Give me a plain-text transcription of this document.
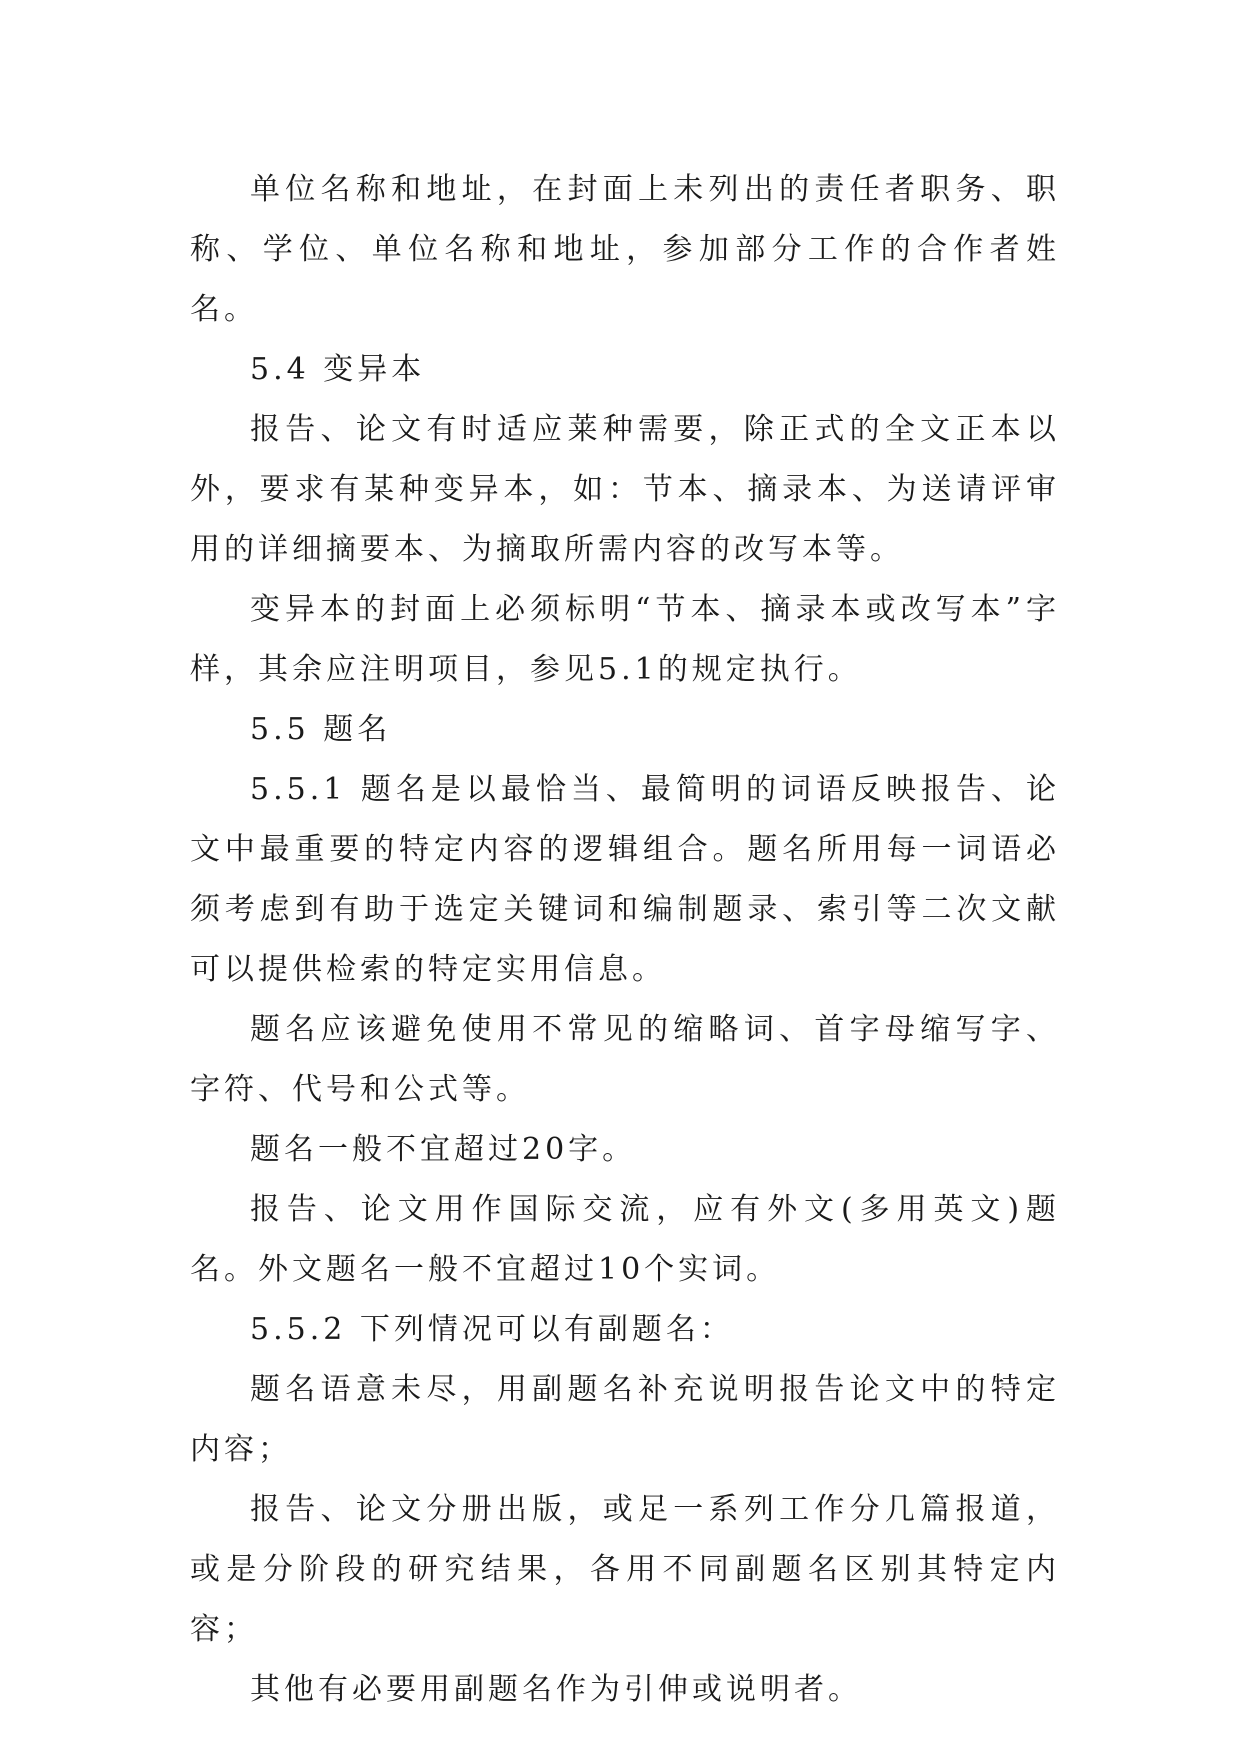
单位名称和地址，在封面上未列出的责任者职务、职称、学位、单位名称和地址，参加部分工作的合作者姓名。

5.4 变异本

报告、论文有时适应莱种需要，除正式的全文正本以外，要求有某种变异本，如：节本、摘录本、为送请评审用的详细摘要本、为摘取所需内容的改写本等。

变异本的封面上必须标明“节本、摘录本或改写本”字样，其余应注明项目，参见5.1的规定执行。

5.5 题名

5.5.1 题名是以最恰当、最简明的词语反映报告、论文中最重要的特定内容的逻辑组合。题名所用每一词语必须考虑到有助于选定关键词和编制题录、索引等二次文献可以提供检索的特定实用信息。

题名应该避免使用不常见的缩略词、首字母缩写字、字符、代号和公式等。

题名一般不宜超过20字。

报告、论文用作国际交流，应有外文(多用英文)题名。外文题名一般不宜超过10个实词。

5.5.2 下列情况可以有副题名：

题名语意未尽，用副题名补充说明报告论文中的特定内容；

报告、论文分册出版，或足一系列工作分几篇报道，或是分阶段的研究结果，各用不同副题名区别其特定内容；

其他有必要用副题名作为引伸或说明者。
